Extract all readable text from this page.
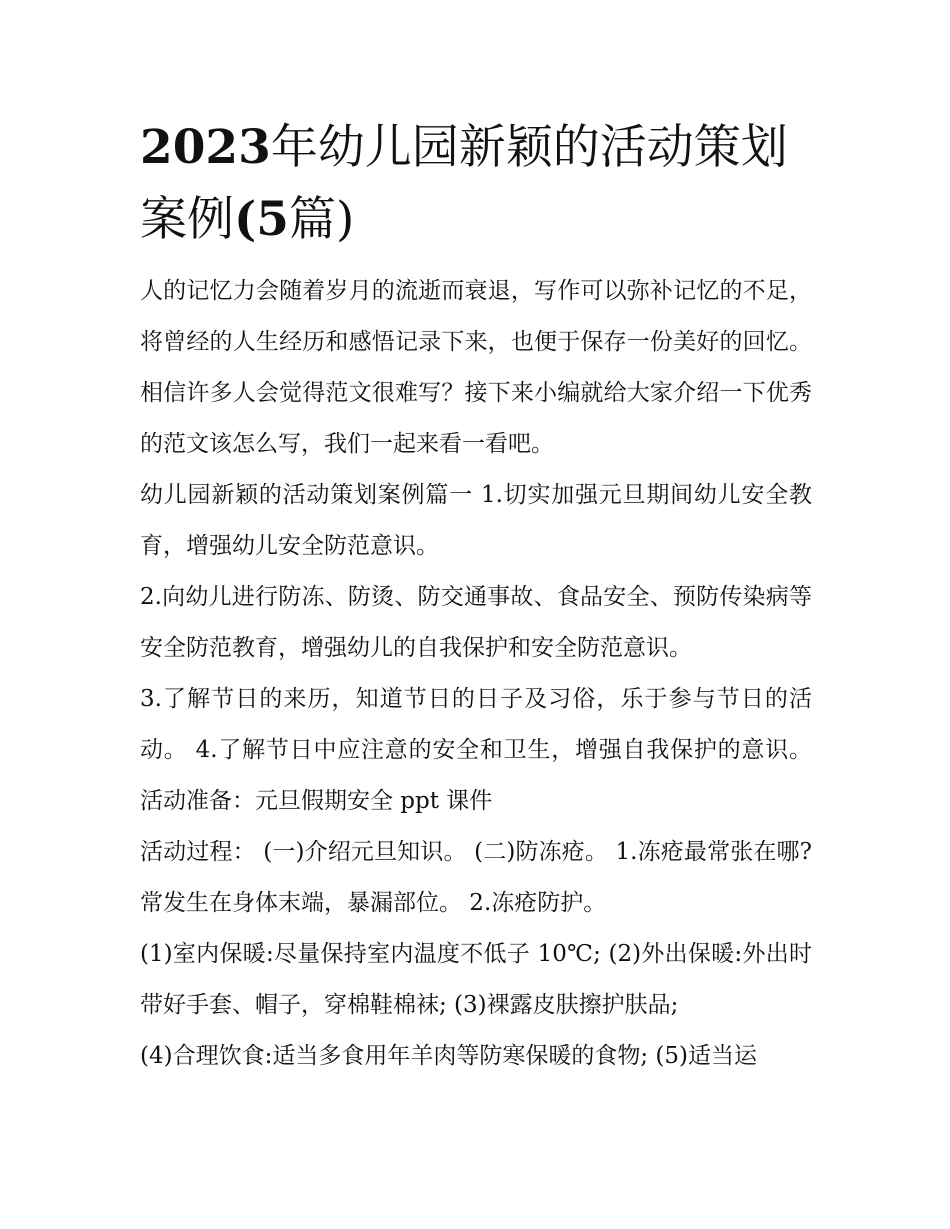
2023年幼儿园新颖的活动策划案例(5篇)

人的记忆力会随着岁月的流逝而衰退，写作可以弥补记忆的不足，将曾经的人生经历和感悟记录下来，也便于保存一份美好的回忆。相信许多人会觉得范文很难写？接下来小编就给大家介绍一下优秀的范文该怎么写，我们一起来看一看吧。

幼儿园新颖的活动策划案例篇一 1.切实加强元旦期间幼儿安全教育，增强幼儿安全防范意识。

2.向幼儿进行防冻、防烫、防交通事故、食品安全、预防传染病等安全防范教育，增强幼儿的自我保护和安全防范意识。

3.了解节日的来历，知道节日的日子及习俗，乐于参与节日的活动。 4.了解节日中应注意的安全和卫生，增强自我保护的意识。 活动准备：元旦假期安全 ppt 课件

活动过程： (一)介绍元旦知识。 (二)防冻疮。 1.冻疮最常张在哪?常发生在身体末端，暴漏部位。 2.冻疮防护。

(1)室内保暖:尽量保持室内温度不低子 10℃; (2)外出保暖:外出时带好手套、帽子，穿棉鞋棉袜; (3)裸露皮肤擦护肤品;

(4)合理饮食:适当多食用年羊肉等防寒保暖的食物; (5)适当运
